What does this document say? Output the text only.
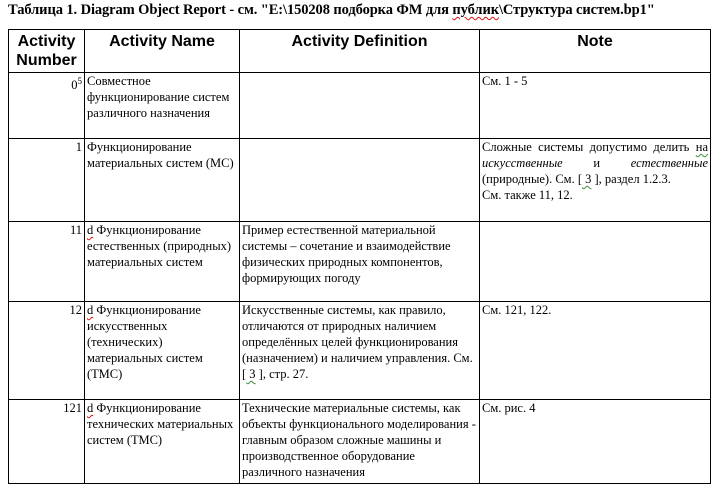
Таблица 1. Diagram Object Report - см. "E:\150208 подборка ФМ для публик\Структура систем.bp1"
Activity
Number	Activity Name	Activity Definition	Note
$0^5$	Совместное функционирование систем различного назначения		См. 1 - 5
1	Функционирование материальных систем (МС)		Сложные системы допустимо делить на искусственные и естественные (природные). См. [ 3 ], раздел 1.2.3.
См. также 11, 12.
11	d Функционирование естественных (природных) материальных систем	Пример естественной материальной системы – сочетание и взаимодействие физических природных компонентов, формирующих погоду	
12	d Функционирование искусственных (технических) материальных систем (ТМС)	Искусственные системы, как правило, отличаются от природных наличием определённых целей функционирования (назначением) и наличием управления. См. [ 3 ], стр. 27.	См. 121, 122.
121	d Функционирование технических материальных систем (ТМС)	Технические материальные системы, как объекты функционального моделирования - главным образом сложные машины и производственное оборудование различного назначения	См. рис. 4
